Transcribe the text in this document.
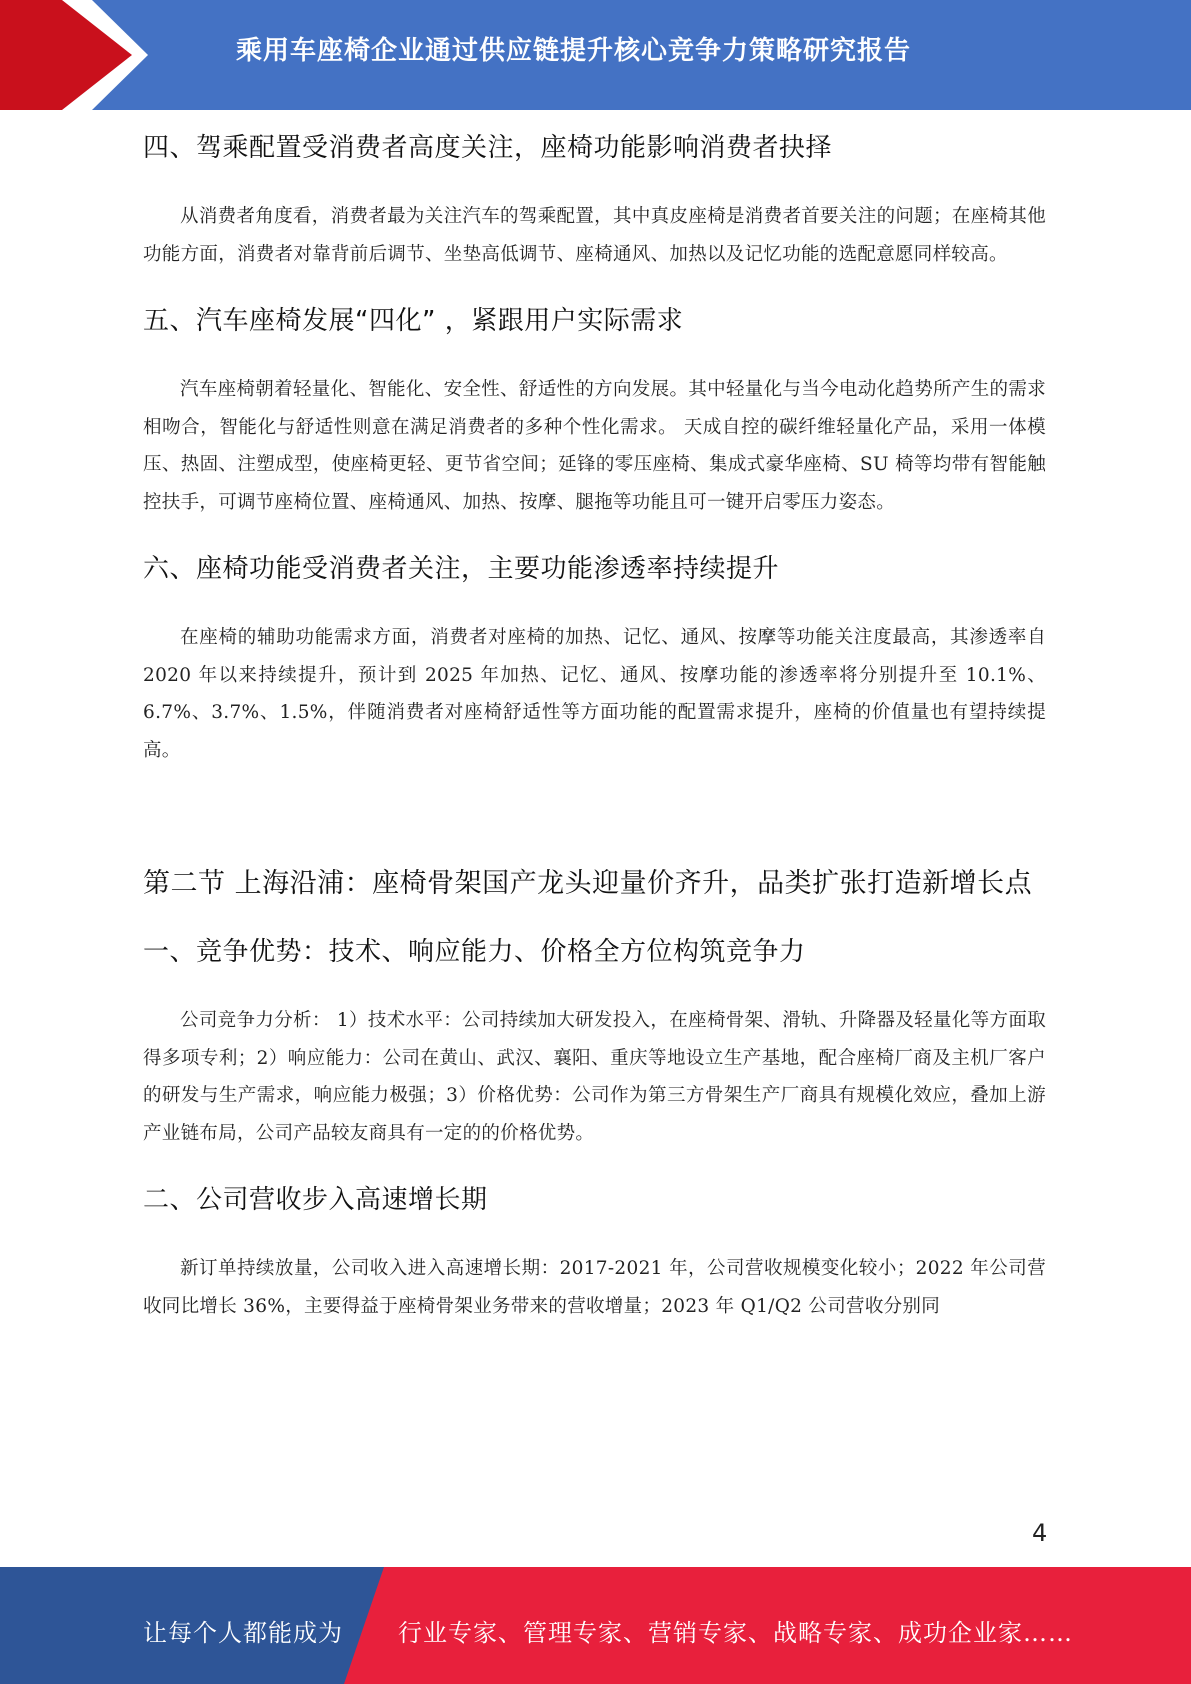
乘用车座椅企业通过供应链提升核心竞争力策略研究报告
四、驾乘配置受消费者高度关注，座椅功能影响消费者抉择

从消费者角度看，消费者最为关注汽车的驾乘配置，其中真皮座椅是消费者首要关注的问题；在座椅其他功能方面，消费者对靠背前后调节、坐垫高低调节、座椅通风、加热以及记忆功能的选配意愿同样较高。

五、汽车座椅发展“四化” ，紧跟用户实际需求

汽车座椅朝着轻量化、智能化、安全性、舒适性的方向发展。其中轻量化与当今电动化趋势所产生的需求相吻合，智能化与舒适性则意在满足消费者的多种个性化需求。 天成自控的碳纤维轻量化产品，采用一体模压、热固、注塑成型，使座椅更轻、更节省空间；延锋的零压座椅、集成式豪华座椅、SU 椅等均带有智能触控扶手，可调节座椅位置、座椅通风、加热、按摩、腿拖等功能且可一键开启零压力姿态。

六、座椅功能受消费者关注，主要功能渗透率持续提升

在座椅的辅助功能需求方面，消费者对座椅的加热、记忆、通风、按摩等功能关注度最高，其渗透率自 2020 年以来持续提升，预计到 2025 年加热、记忆、通风、按摩功能的渗透率将分别提升至 10.1%、6.7%、3.7%、1.5%，伴随消费者对座椅舒适性等方面功能的配置需求提升，座椅的价值量也有望持续提高。

第二节 上海沿浦：座椅骨架国产龙头迎量价齐升，品类扩张打造新增长点
一、竞争优势：技术、响应能力、价格全方位构筑竞争力

公司竞争力分析： 1）技术水平：公司持续加大研发投入，在座椅骨架、滑轨、升降器及轻量化等方面取得多项专利；2）响应能力：公司在黄山、武汉、襄阳、重庆等地设立生产基地，配合座椅厂商及主机厂客户的研发与生产需求，响应能力极强；3）价格优势：公司作为第三方骨架生产厂商具有规模化效应，叠加上游产业链布局，公司产品较友商具有一定的的价格优势。

二、公司营收步入高速增长期

新订单持续放量，公司收入进入高速增长期：2017-2021 年，公司营收规模变化较小；2022 年公司营收同比增长 36%，主要得益于座椅骨架业务带来的营收增量；2023 年 Q1/Q2 公司营收分别同

4
让每个人都能成为 行业专家、管理专家、营销专家、战略专家、成功企业家……
